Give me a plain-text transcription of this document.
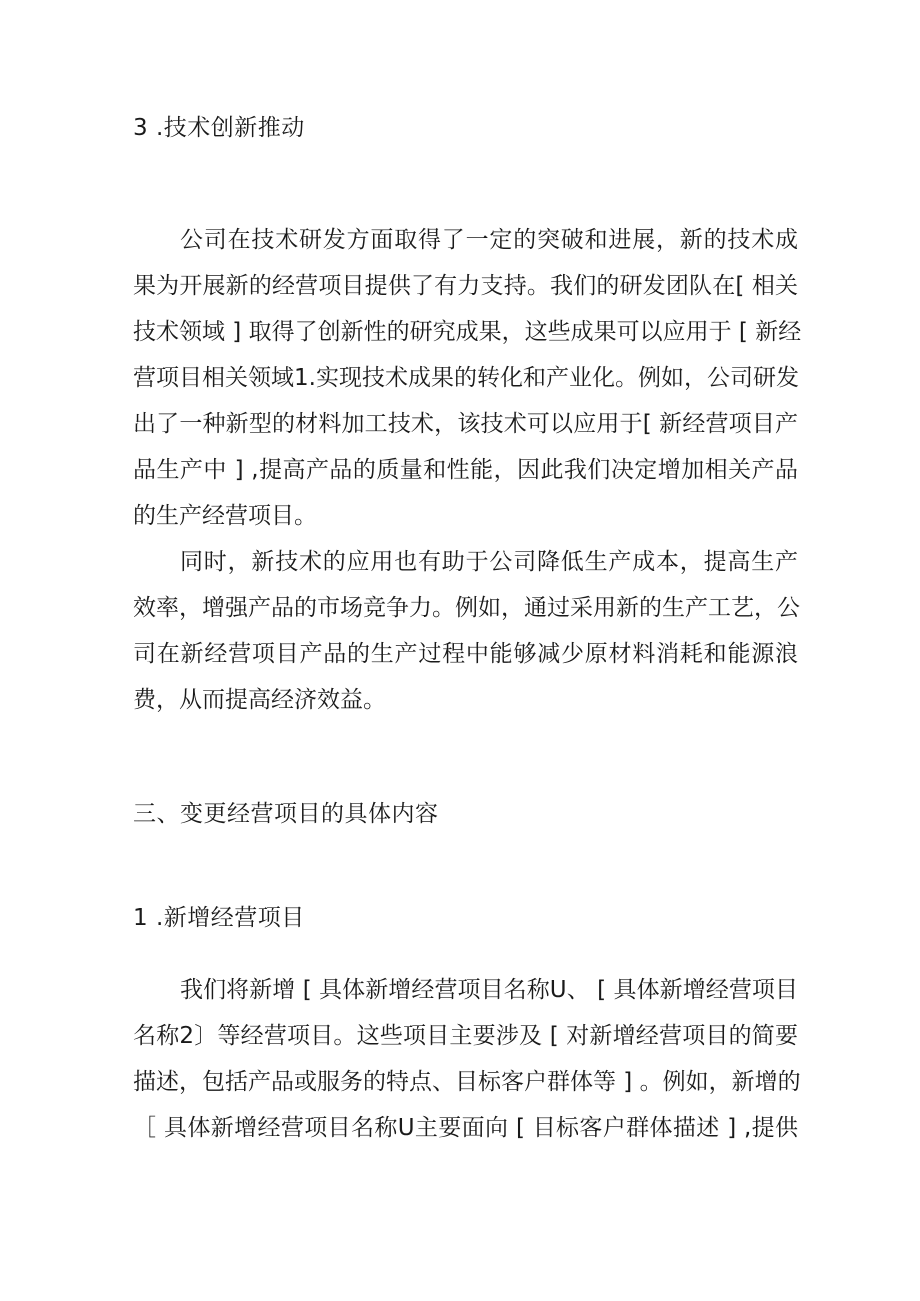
3 .技术创新推动
公司在技术研发方面取得了一定的突破和进展，新的技术成
果为开展新的经营项目提供了有力支持。我们的研发团队在[ 相关
技术领域 ] 取得了创新性的研究成果，这些成果可以应用于 [ 新经
营项目相关领域1.实现技术成果的转化和产业化。例如，公司研发
出了一种新型的材料加工技术，该技术可以应用于[ 新经营项目产
品生产中 ] ,提高产品的质量和性能，因此我们决定增加相关产品
的生产经营项目。
同时，新技术的应用也有助于公司降低生产成本，提高生产
效率，增强产品的市场竞争力。例如，通过采用新的生产工艺，公
司在新经营项目产品的生产过程中能够减少原材料消耗和能源浪
费，从而提高经济效益。
三、变更经营项目的具体内容
1 .新增经营项目
我们将新增 [ 具体新增经营项目名称U、 [ 具体新增经营项目
名称2〕等经营项目。这些项目主要涉及 [ 对新增经营项目的简要
描述，包括产品或服务的特点、目标客户群体等 ] 。例如，新增的
［ 具体新增经营项目名称U主要面向 [ 目标客户群体描述 ] ,提供
